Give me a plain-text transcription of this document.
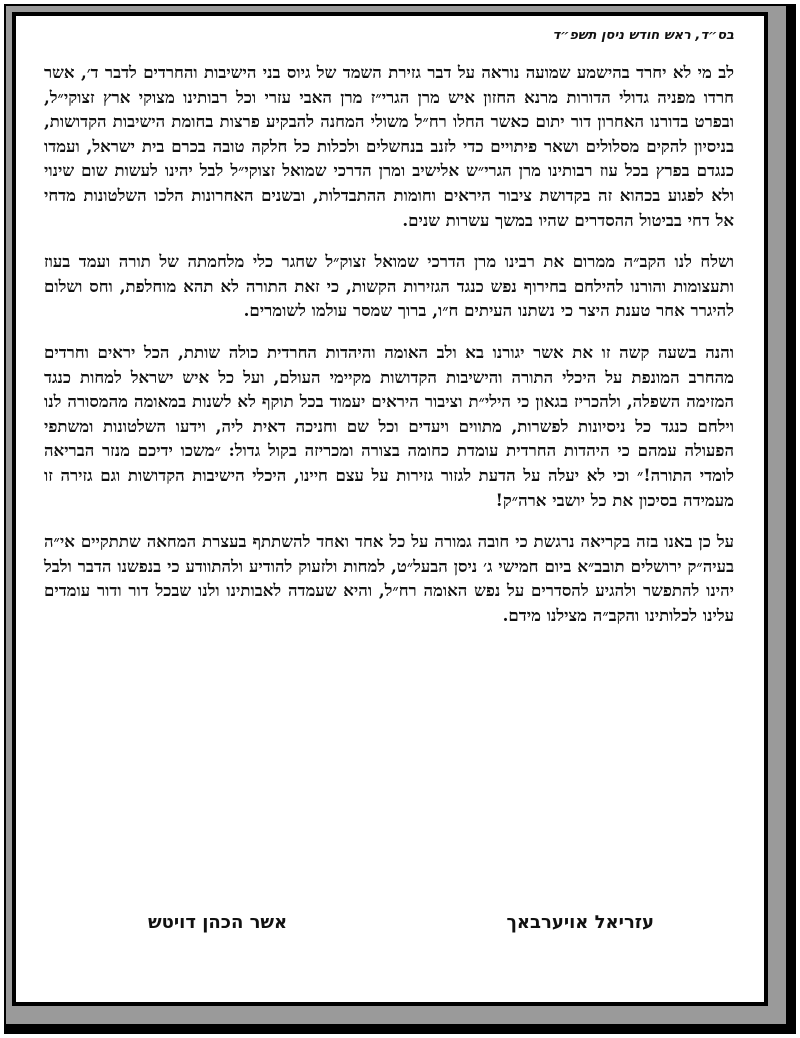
בס״ד, ראש חודש ניסן תשפ״ד

לב מי לא יחרד בהישמע שמועה נוראה על דבר גזירת השמד של גיוס בני הישיבות והחרדים לדבר ד׳, אשר חרדו מפניה גדולי הדורות מרנא החזון איש מרן הגרי״ז מרן האבי עזרי וכל רבותינו מצוקי ארץ זצוקי״ל, ובפרט בדורנו האחרון דור יתום כאשר החלו רח״ל משולי המחנה להבקיע פרצות בחומת הישיבות הקדושות, בניסיון להקים מסלולים ושאר פיתויים כדי לזנב בנחשלים ולכלות כל חלקה טובה בכרם בית ישראל, ועמדו כנגדם בפרץ בכל עוז רבותינו מרן הגרי״ש אלישיב ומרן הדרכי שמואל זצוקי״ל לבל יהינו לעשות שום שינוי ולא לפגוע בכהוא זה בקדושת ציבור היראים וחומות ההתבדלות, ובשנים האחרונות הלכו השלטונות מדחי אל דחי בביטול ההסדרים שהיו במשך עשרות שנים.

ושלח לנו הקב״ה ממרום את רבינו מרן הדרכי שמואל זצוק״ל שחגר כלי מלחמתה של תורה ועמד בעוז ותעצומות והורנו להילחם בחירוף נפש כנגד הגזירות הקשות, כי זאת התורה לא תהא מוחלפת, וחס ושלום להיגרר אחר טענת היצר כי נשתנו העיתים ח״ו, ברוך שמסר עולמו לשומרים.

והנה בשעה קשה זו את אשר יגורנו בא ולב האומה והיהדות החרדית כולה שותת, הכל יראים וחרדים מהחרב המונפת על היכלי התורה והישיבות הקדושות מקיימי העולם, ועל כל איש ישראל למחות כנגד המזימה השפלה, ולהכריז בגאון כי הילי״ת וציבור היראים יעמוד בכל תוקף לא לשנות במאומה מהמסורה לנו וילחם כנגד כל ניסיונות לפשרות, מתווים ויעדים וכל שם וחניכה דאית ליה, וידעו השלטונות ומשתפי הפעולה עמהם כי היהדות החרדית עומדת כחומה בצורה ומכריזה בקול גדול: ״משכו ידיכם מנזר הבריאה לומדי התורה!״ וכי לא יעלה על הדעת לגזור גזירות על עצם חיינו, היכלי הישיבות הקדושות וגם גזירה זו מעמידה בסיכון את כל יושבי ארה״ק!

על כן באנו בזה בקריאה נרגשת כי חובה גמורה על כל אחד ואחד להשתתף בעצרת המחאה שתתקיים אי״ה בעיה״ק ירושלים תובב״א ביום חמישי ג׳ ניסן הבעל״ט, למחות ולזעוק להודיע ולהתוודע כי בנפשנו הדבר ולבל יהינו להתפשר ולהגיע להסדרים על נפש האומה רח״ל, והיא שעמדה לאבותינו ולנו שבכל דור ודור עומדים עלינו לכלותינו והקב״ה מצילנו מידם.

עזריאל אויערבאך
אשר הכהן דויטש
